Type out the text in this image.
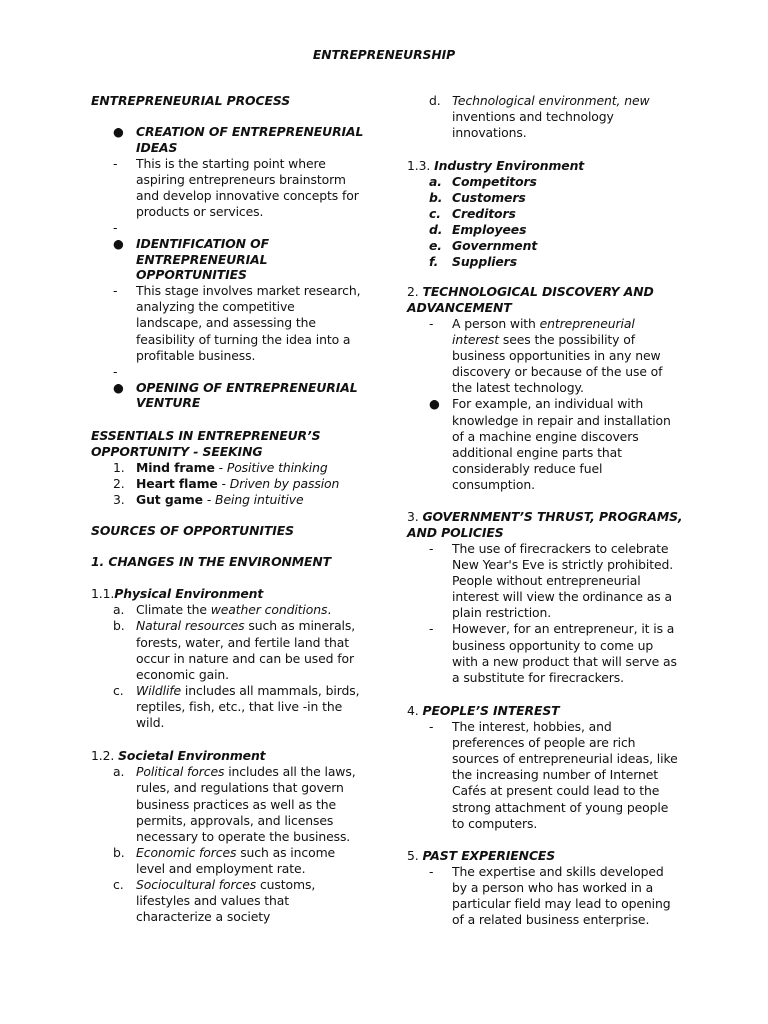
ENTREPRENEURSHIP
ENTREPRENEURIAL PROCESS
● CREATION OF ENTREPRENEURIAL
IDEAS
- This is the starting point where
aspiring entrepreneurs brainstorm
and develop innovative concepts for
products or services.
-
● IDENTIFICATION OF
ENTREPRENEURIAL
OPPORTUNITIES
- This stage involves market research,
analyzing the competitive
landscape, and assessing the
feasibility of turning the idea into a
profitable business.
-
● OPENING OF ENTREPRENEURIAL
VENTURE
ESSENTIALS IN ENTREPRENEUR’S
OPPORTUNITY - SEEKING
1. Mind frame - Positive thinking
2. Heart flame - Driven by passion
3. Gut game - Being intuitive
SOURCES OF OPPORTUNITIES
1. CHANGES IN THE ENVIRONMENT
1.1.Physical Environment
a. Climate the weather conditions.
b. Natural resources such as minerals,
forests, water, and fertile land that
occur in nature and can be used for
economic gain.
c. Wildlife includes all mammals, birds,
reptiles, fish, etc., that live -in the
wild.
1.2. Societal Environment
a. Political forces includes all the laws,
rules, and regulations that govern
business practices as well as the
permits, approvals, and licenses
necessary to operate the business.
b. Economic forces such as income
level and employment rate.
c. Sociocultural forces customs,
lifestyles and values that
characterize a society
d. Technological environment, new
inventions and technology
innovations.
1.3. Industry Environment
a. Competitors
b. Customers
c. Creditors
d. Employees
e. Government
f. Suppliers
2. TECHNOLOGICAL DISCOVERY AND
ADVANCEMENT
- A person with entrepreneurial
interest sees the possibility of
business opportunities in any new
discovery or because of the use of
the latest technology.
● For example, an individual with
knowledge in repair and installation
of a machine engine discovers
additional engine parts that
considerably reduce fuel
consumption.
3. GOVERNMENT’S THRUST, PROGRAMS,
AND POLICIES
- The use of firecrackers to celebrate
New Year's Eve is strictly prohibited.
People without entrepreneurial
interest will view the ordinance as a
plain restriction.
- However, for an entrepreneur, it is a
business opportunity to come up
with a new product that will serve as
a substitute for firecrackers.
4. PEOPLE’S INTEREST
- The interest, hobbies, and
preferences of people are rich
sources of entrepreneurial ideas, like
the increasing number of Internet
Cafés at present could lead to the
strong attachment of young people
to computers.
5. PAST EXPERIENCES
- The expertise and skills developed
by a person who has worked in a
particular field may lead to opening
of a related business enterprise.
